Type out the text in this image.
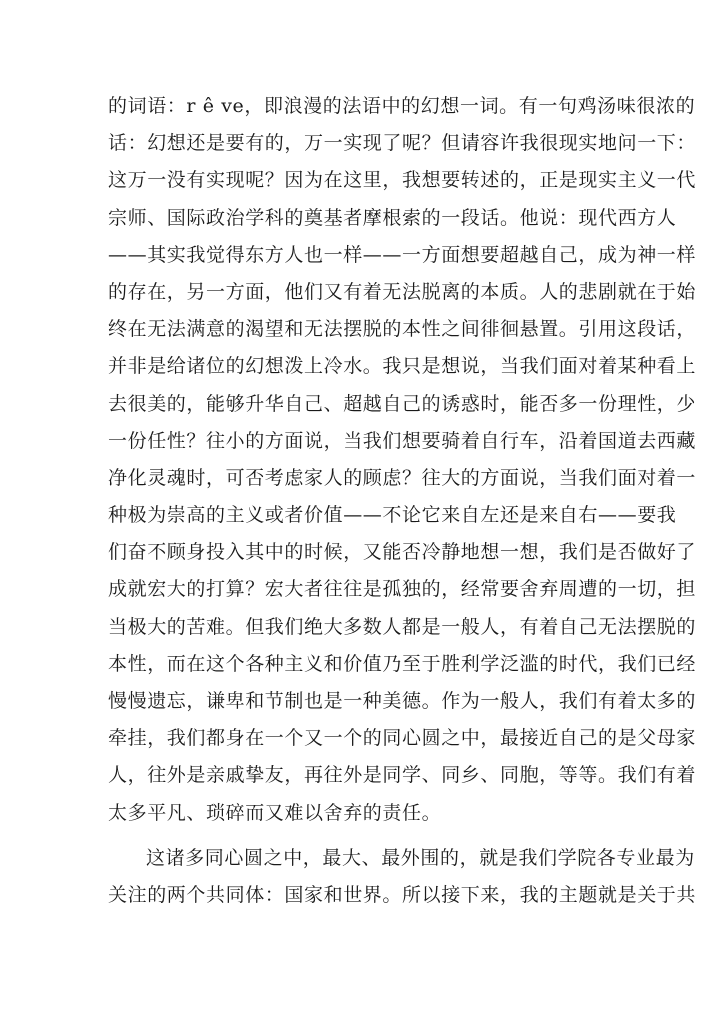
的词语：r ê ve，即浪漫的法语中的幻想一词。有一句鸡汤味很浓的
话：幻想还是要有的，万一实现了呢？但请容许我很现实地问一下：
这万一没有实现呢？因为在这里，我想要转述的，正是现实主义一代
宗师、国际政治学科的奠基者摩根索的一段话。他说：现代西方人
——其实我觉得东方人也一样——一方面想要超越自己，成为神一样
的存在，另一方面，他们又有着无法脱离的本质。人的悲剧就在于始
终在无法满意的渴望和无法摆脱的本性之间徘徊悬置。引用这段话，
并非是给诸位的幻想泼上冷水。我只是想说，当我们面对着某种看上
去很美的，能够升华自己、超越自己的诱惑时，能否多一份理性，少
一份任性？往小的方面说，当我们想要骑着自行车，沿着国道去西藏
净化灵魂时，可否考虑家人的顾虑？往大的方面说，当我们面对着一
种极为崇高的主义或者价值——不论它来自左还是来自右——要我
们奋不顾身投入其中的时候，又能否冷静地想一想，我们是否做好了
成就宏大的打算？宏大者往往是孤独的，经常要舍弃周遭的一切，担
当极大的苦难。但我们绝大多数人都是一般人，有着自己无法摆脱的
本性，而在这个各种主义和价值乃至于胜利学泛滥的时代，我们已经
慢慢遗忘，谦卑和节制也是一种美德。作为一般人，我们有着太多的
牵挂，我们都身在一个又一个的同心圆之中，最接近自己的是父母家
人，往外是亲戚挚友，再往外是同学、同乡、同胞，等等。我们有着
太多平凡、琐碎而又难以舍弃的责任。
这诸多同心圆之中，最大、最外围的，就是我们学院各专业最为
关注的两个共同体：国家和世界。所以接下来，我的主题就是关于共
